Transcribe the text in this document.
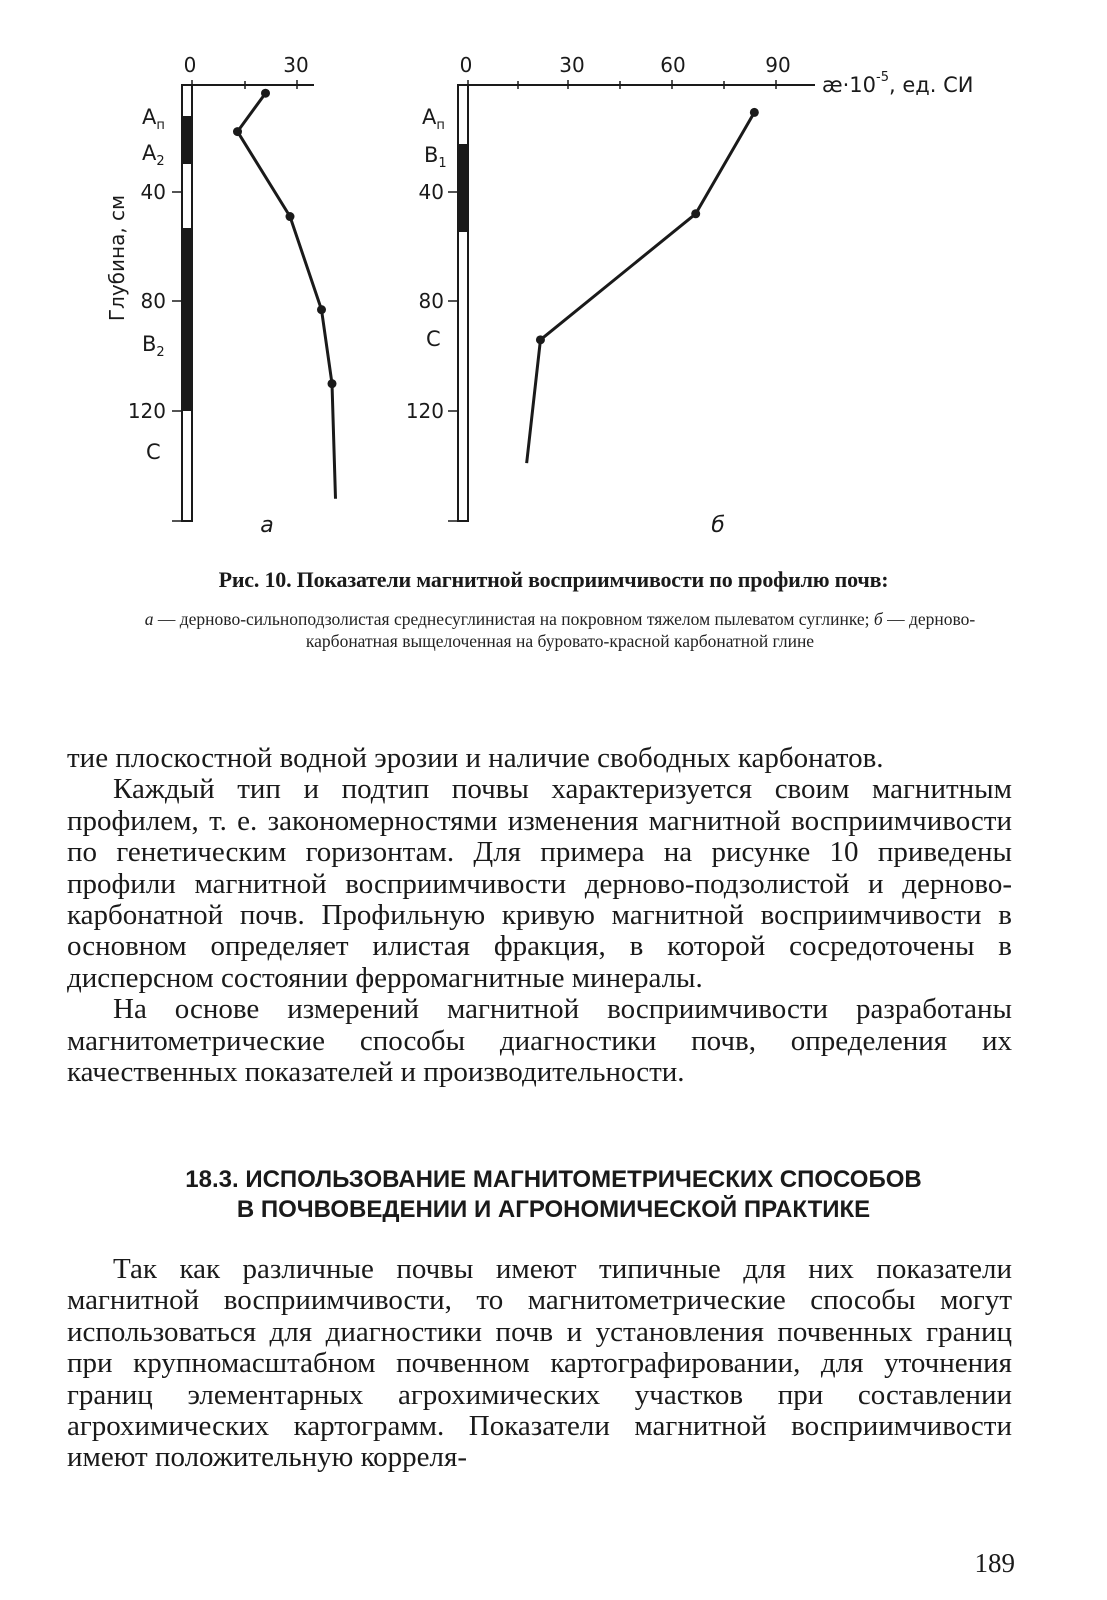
Глубина, см
0	30
40
80
120
$A_п$
$A_2$
$B_2$
C
а
0	30	60	90
$æ\cdot 10^{-5}$, ед. СИ
40
80
120
$A_п$
$B_1$
C
б
Рис. 10. Показатели магнитной восприимчивости по профилю почв:
а — дерново-сильноподзолистая среднесуглинистая на покровном тяжелом пылеватом суглинке; б — дерново-карбонатная выщелоченная на буровато-красной карбонатной глине

тие плоскостной водной эрозии и наличие свободных карбонатов.

Каждый тип и подтип почвы характеризуется своим магнитным профилем, т. е. закономерностями изменения магнитной восприимчивости по генетическим горизонтам. Для примера на рисунке 10 приведены профили магнитной восприимчивости дерново-подзолистой и дерново-карбонатной почв. Профильную кривую магнитной восприимчивости в основном определяет илистая фракция, в которой сосредоточены в дисперсном состоянии ферромагнитные минералы.

На основе измерений магнитной восприимчивости разработаны магнитометрические способы диагностики почв, определения их качественных показателей и производительности.

18.3. ИСПОЛЬЗОВАНИЕ МАГНИТОМЕТРИЧЕСКИХ СПОСОБОВ
В ПОЧВОВЕДЕНИИ И АГРОНОМИЧЕСКОЙ ПРАКТИКЕ

Так как различные почвы имеют типичные для них показатели магнитной восприимчивости, то магнитометрические способы могут использоваться для диагностики почв и установления почвенных границ при крупномасштабном почвенном картографировании, для уточнения границ элементарных агрохимических участков при составлении агрохимических картограмм. Показатели магнитной восприимчивости имеют положительную корреля-

189
